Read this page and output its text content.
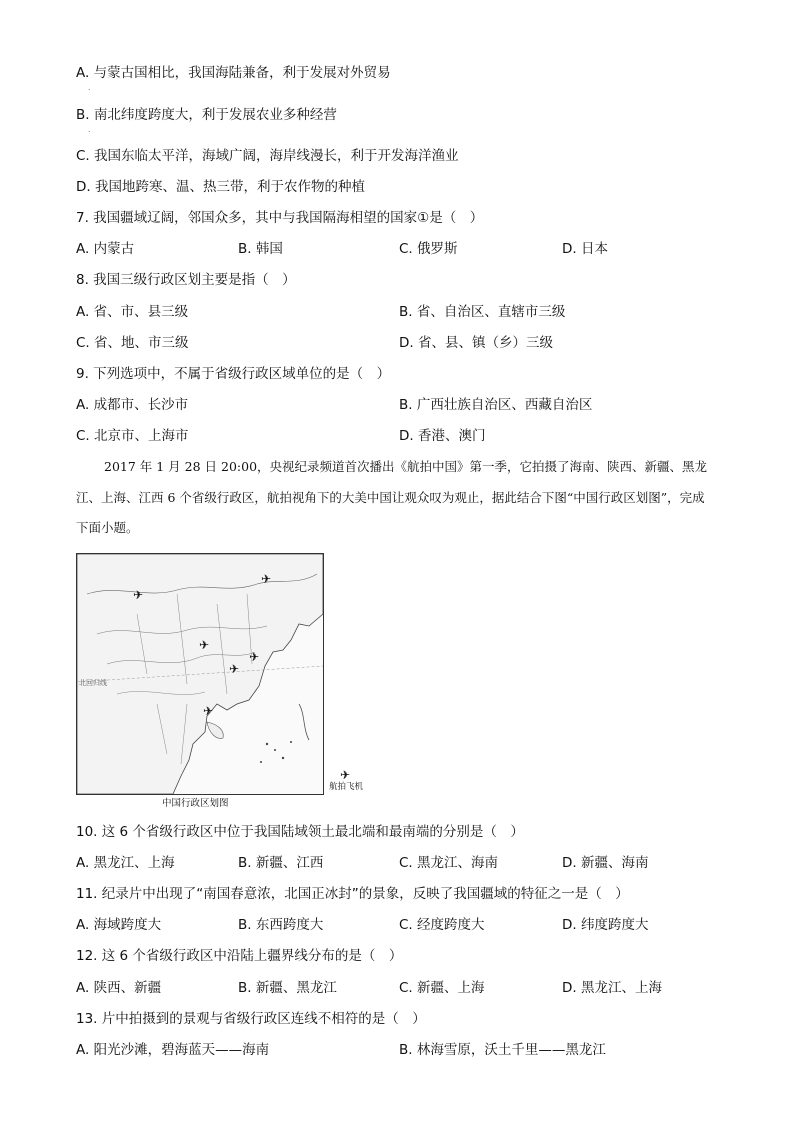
A. 与蒙古国相比，我国海陆兼备，利于发展对外贸易
.
B. 南北纬度跨度大，利于发展农业多种经营
.
C. 我国东临太平洋，海域广阔，海岸线漫长，利于开发海洋渔业
D. 我国地跨寒、温、热三带，利于农作物的种植
7. 我国疆域辽阔，邻国众多，其中与我国隔海相望的国家①是（　）
A. 内蒙古	B. 韩国	C. 俄罗斯	D. 日本
8. 我国三级行政区划主要是指（　）
A. 省、市、县三级	B. 省、自治区、直辖市三级
C. 省、地、市三级	D. 省、县、镇（乡）三级
9. 下列选项中，不属于省级行政区域单位的是（　）
A. 成都市、长沙市	B. 广西壮族自治区、西藏自治区
C. 北京市、上海市	D. 香港、澳门
2017 年 1 月 28 日 20:00，央视纪录频道首次播出《航拍中国》第一季，它拍摄了海南、陕西、新疆、黑龙江、上海、江西 6 个省级行政区，航拍视角下的大美中国让观众叹为观止，据此结合下图“中国行政区划图”，完成下面小题。
北回归线
✈
✈
✈
✈
✈
✈
中国行政区划图
✈
航拍飞机
10. 这 6 个省级行政区中位于我国陆域领土最北端和最南端的分别是（　）
A. 黑龙江、上海	B. 新疆、江西	C. 黑龙江、海南	D. 新疆、海南
11. 纪录片中出现了“南国春意浓，北国正冰封”的景象，反映了我国疆域的特征之一是（　）
A. 海域跨度大	B. 东西跨度大	C. 经度跨度大	D. 纬度跨度大
12. 这 6 个省级行政区中沿陆上疆界线分布的是（　）
A. 陕西、新疆	B. 新疆、黑龙江	C. 新疆、上海	D. 黑龙江、上海
13. 片中拍摄到的景观与省级行政区连线不相符的是（　）
A. 阳光沙滩，碧海蓝天——海南	B. 林海雪原，沃土千里——黑龙江
